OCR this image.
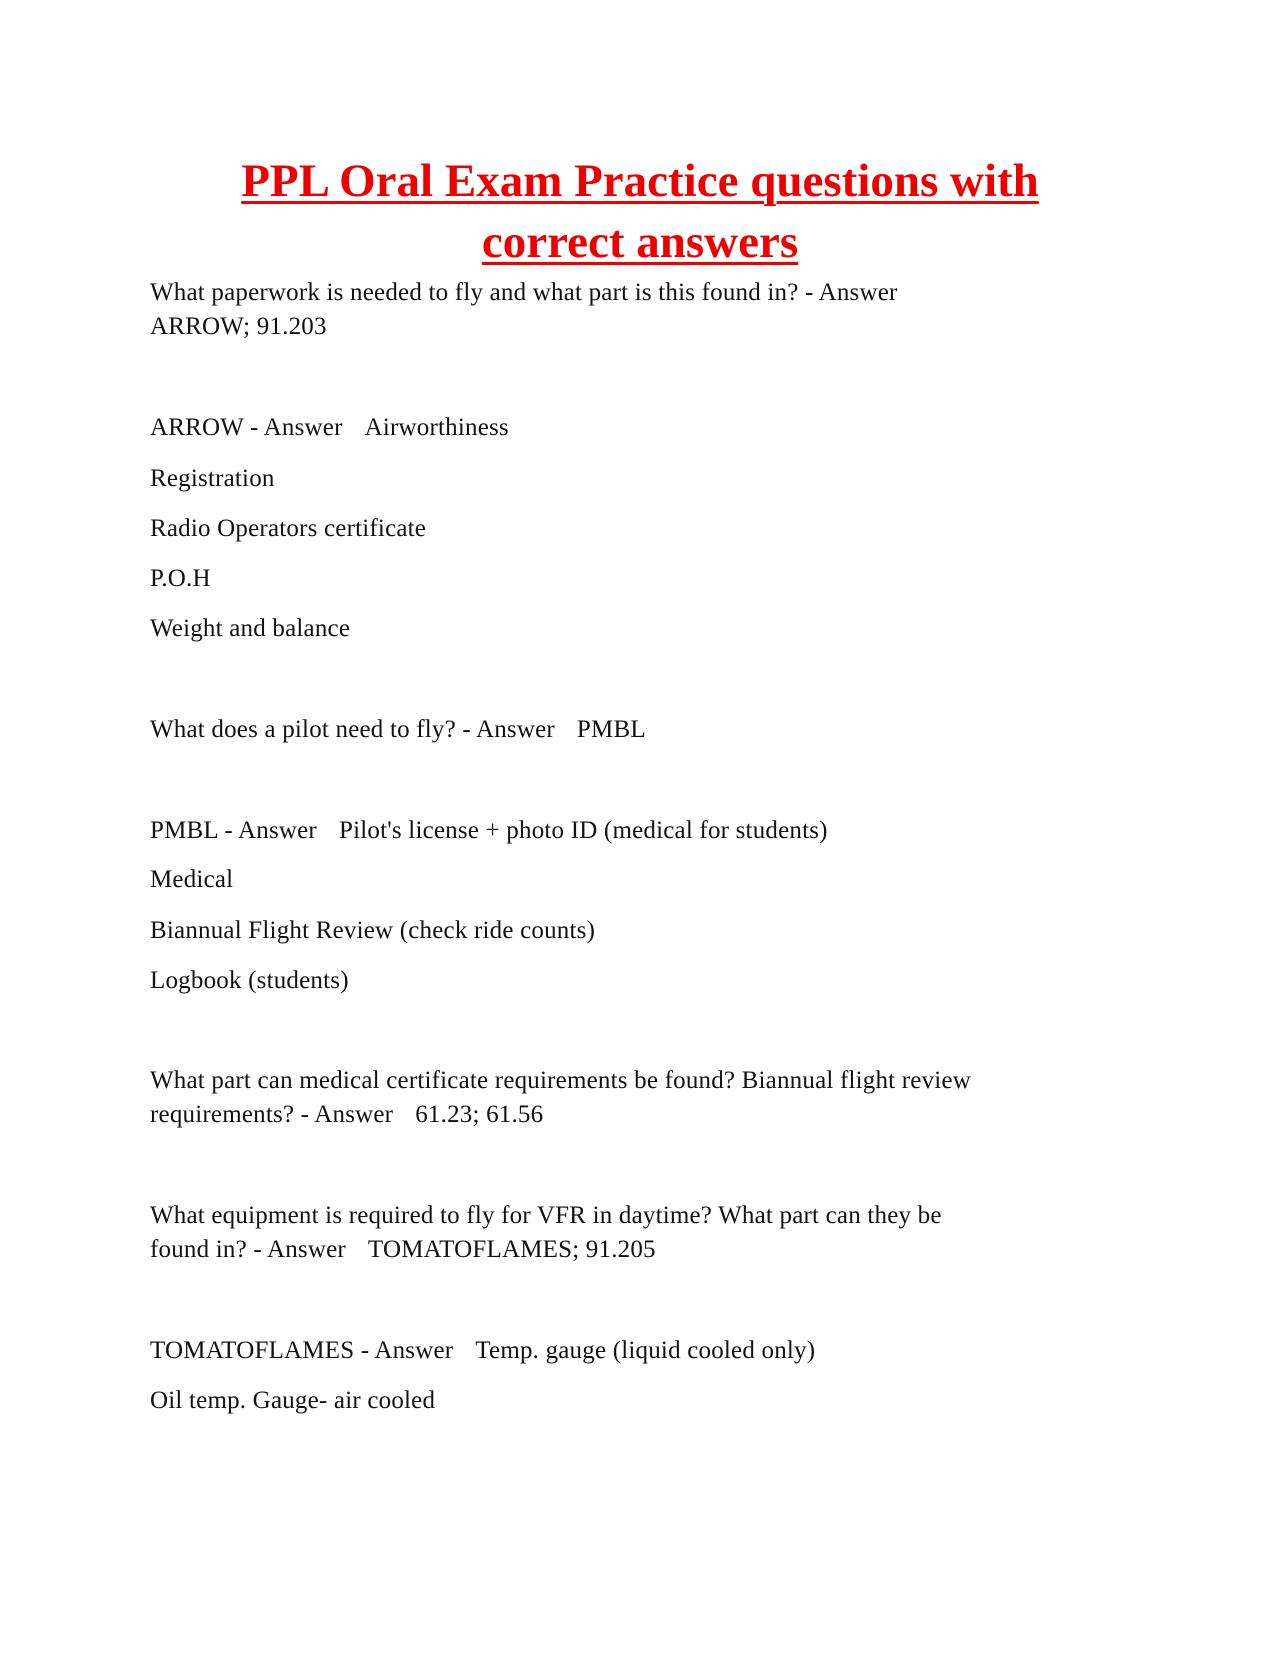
PPL Oral Exam Practice questions with
correct answers

What paperwork is needed to fly and what part is this found in? - Answer

ARROW; 91.203

ARROW - Answer Airworthiness

Registration

Radio Operators certificate

P.O.H

Weight and balance

What does a pilot need to fly? - Answer PMBL

PMBL - Answer Pilot's license + photo ID (medical for students)

Medical

Biannual Flight Review (check ride counts)

Logbook (students)

What part can medical certificate requirements be found? Biannual flight review

requirements? - Answer 61.23; 61.56

What equipment is required to fly for VFR in daytime? What part can they be

found in? - Answer TOMATOFLAMES; 91.205

TOMATOFLAMES - Answer Temp. gauge (liquid cooled only)

Oil temp. Gauge- air cooled
